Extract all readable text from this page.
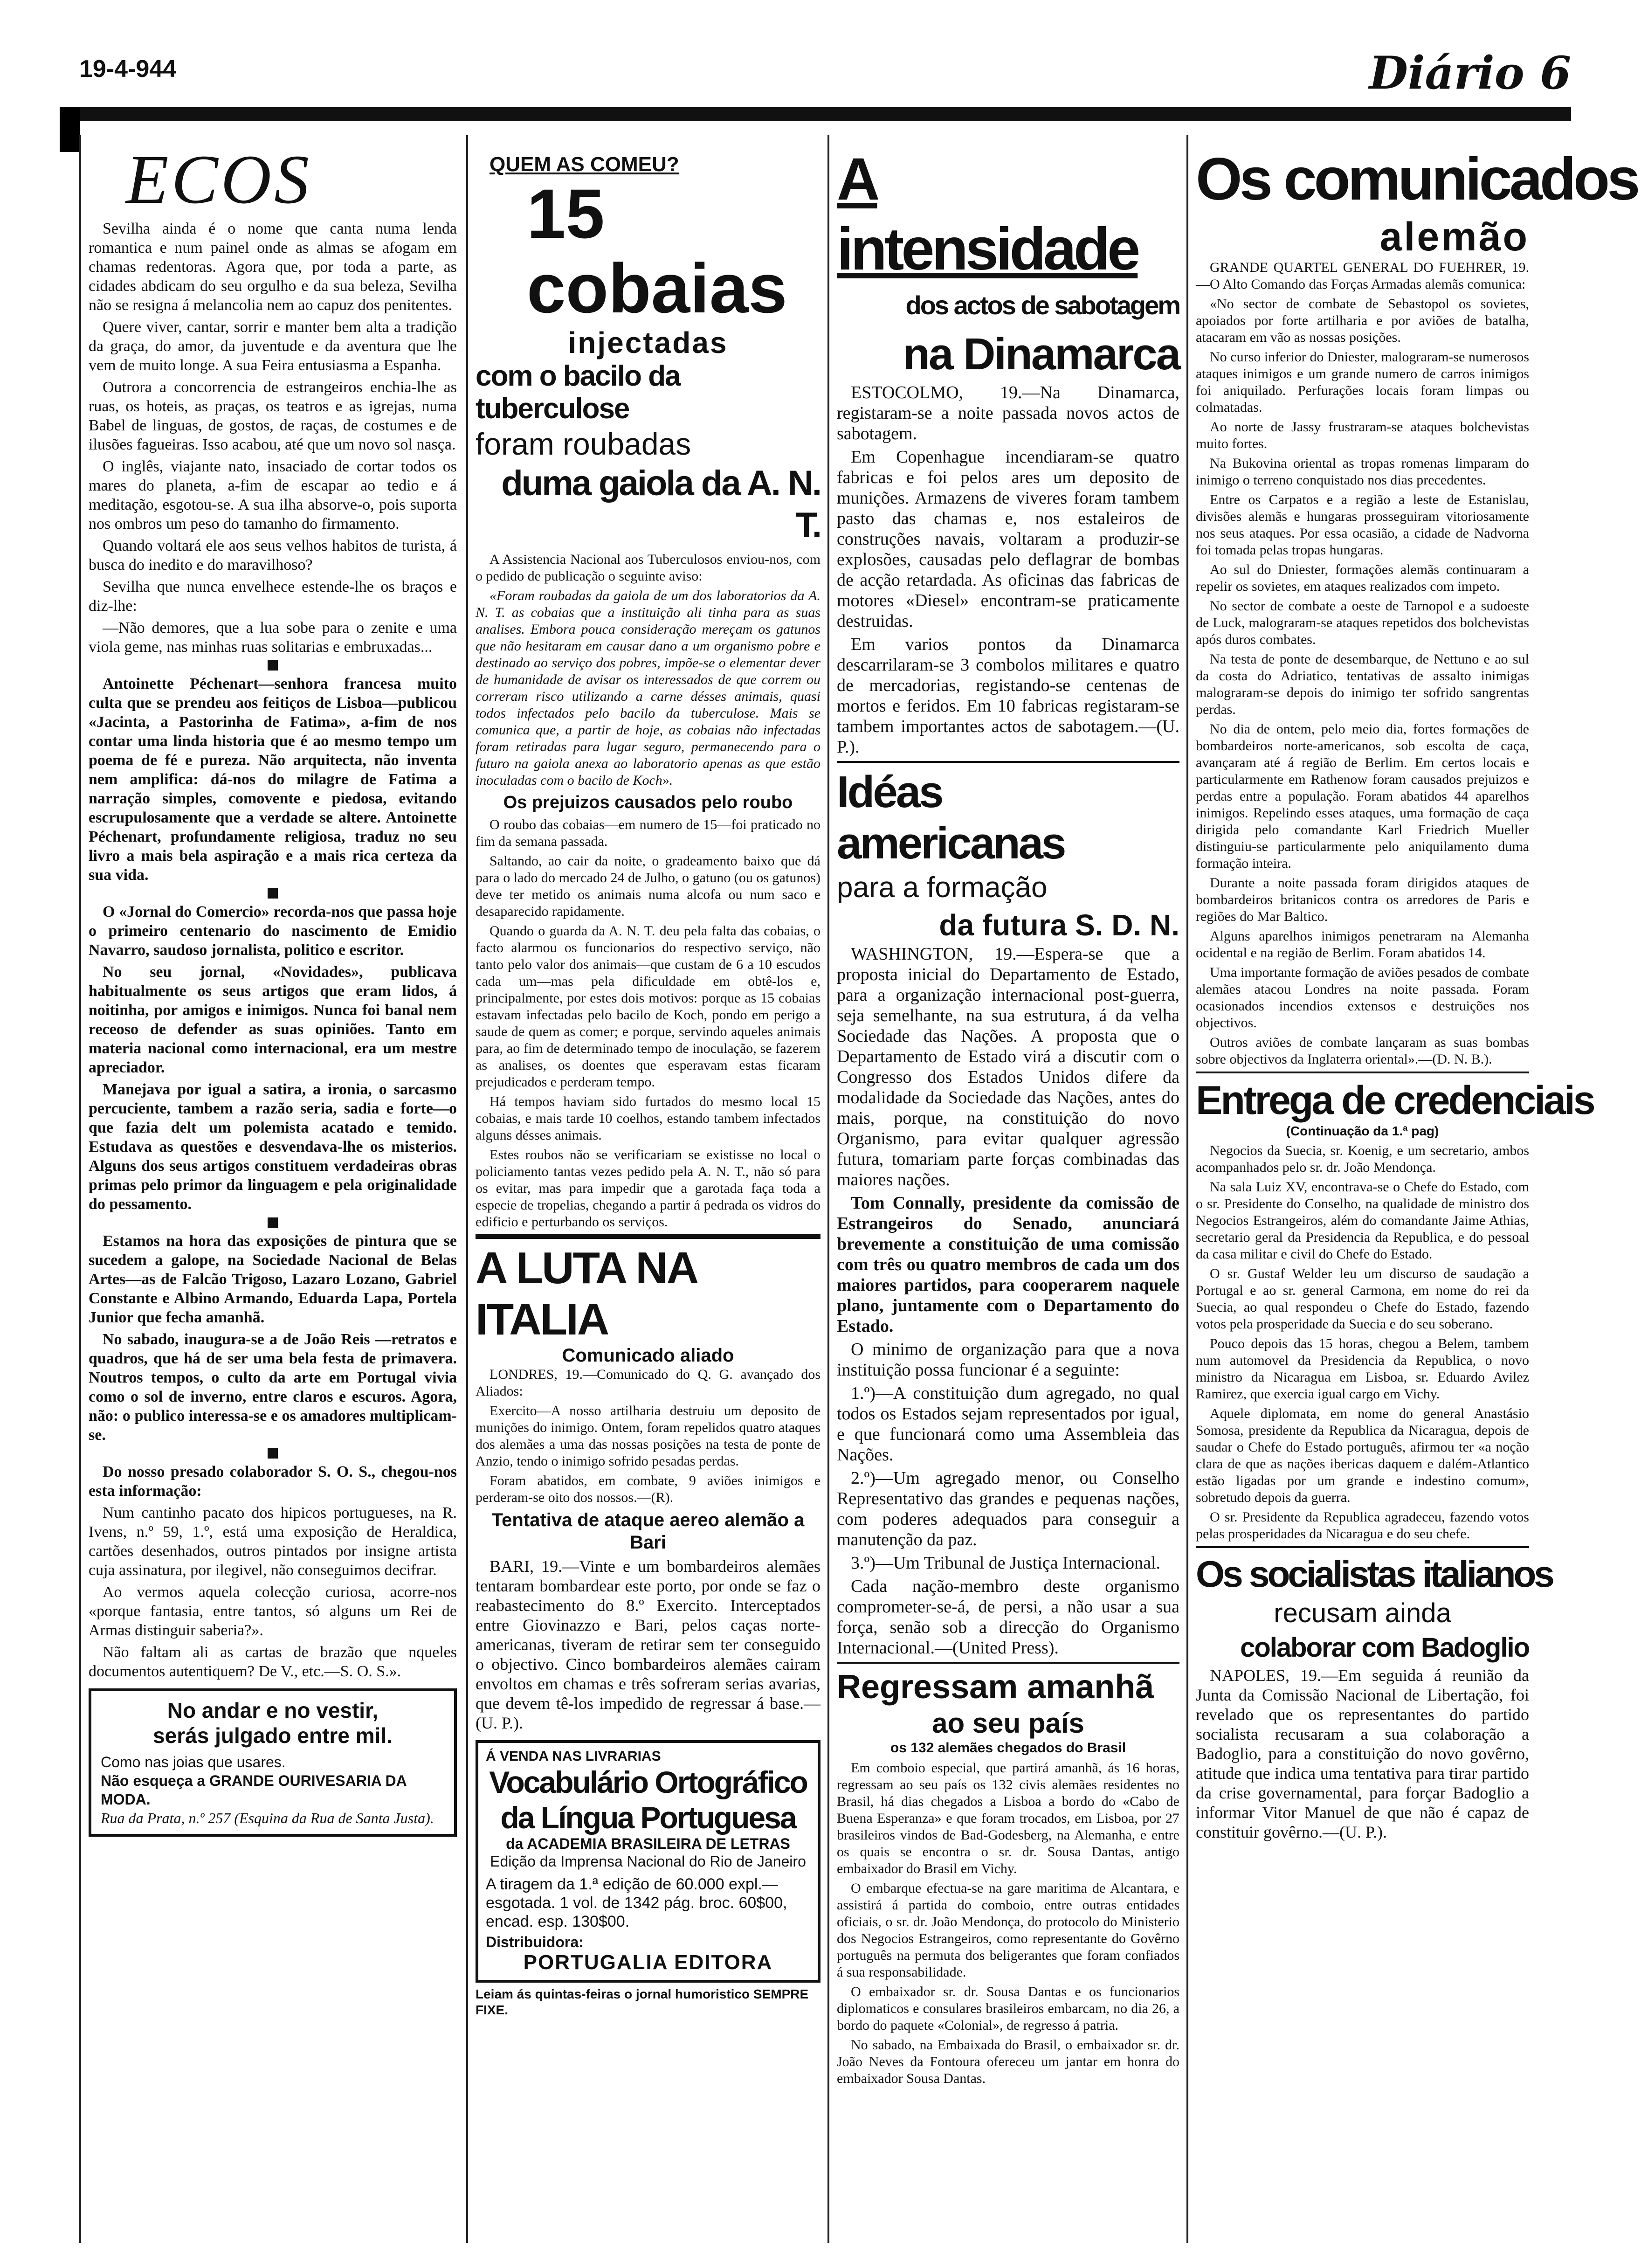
19-4-944	Diário 6
ECOS

Sevilha ainda é o nome que canta numa lenda romantica e num painel onde as almas se afogam em chamas redentoras. Agora que, por toda a parte, as cidades abdicam do seu orgulho e da sua beleza, Sevilha não se resigna á melancolia nem ao capuz dos penitentes.

Quere viver, cantar, sorrir e manter bem alta a tradição da graça, do amor, da juventude e da aventura que lhe vem de muito longe. A sua Feira entusiasma a Espanha.

Outrora a concorrencia de estrangeiros enchia-lhe as ruas, os hoteis, as praças, os teatros e as igrejas, numa Babel de linguas, de gostos, de raças, de costumes e de ilusões fagueiras. Isso acabou, até que um novo sol nasça.

O inglês, viajante nato, insaciado de cortar todos os mares do planeta, a-fim de escapar ao tedio e á meditação, esgotou-se. A sua ilha absorve-o, pois suporta nos ombros um peso do tamanho do firmamento.

Quando voltará ele aos seus velhos habitos de turista, á busca do inedito e do maravilhoso?

Sevilha que nunca envelhece estende-lhe os braços e diz-lhe:

—Não demores, que a lua sobe para o zenite e uma viola geme, nas minhas ruas solitarias e embruxadas...

Antoinette Péchenart—senhora francesa muito culta que se prendeu aos feitiços de Lisboa—publicou «Jacinta, a Pastorinha de Fatima», a-fim de nos contar uma linda historia que é ao mesmo tempo um poema de fé e pureza. Não arquitecta, não inventa nem amplifica: dá-nos do milagre de Fatima a narração simples, comovente e piedosa, evitando escrupulosamente que a verdade se altere. Antoinette Péchenart, profundamente religiosa, traduz no seu livro a mais bela aspiração e a mais rica certeza da sua vida.

O «Jornal do Comercio» recorda-nos que passa hoje o primeiro centenario do nascimento de Emidio Navarro, saudoso jornalista, politico e escritor.

No seu jornal, «Novidades», publicava habitualmente os seus artigos que eram lidos, á noitinha, por amigos e inimigos. Nunca foi banal nem receoso de defender as suas opiniões. Tanto em materia nacional como internacional, era um mestre apreciador.

Manejava por igual a satira, a ironia, o sarcasmo percuciente, tambem a razão seria, sadia e forte—o que fazia delt um polemista acatado e temido. Estudava as questões e desvendava-lhe os misterios. Alguns dos seus artigos constituem verdadeiras obras primas pelo primor da linguagem e pela originalidade do pessamento.

Estamos na hora das exposições de pintura que se sucedem a galope, na Sociedade Nacional de Belas Artes—as de Falcão Trigoso, Lazaro Lozano, Gabriel Constante e Albino Armando, Eduarda Lapa, Portela Junior que fecha amanhã.

No sabado, inaugura-se a de João Reis —retratos e quadros, que há de ser uma bela festa de primavera. Noutros tempos, o culto da arte em Portugal vivia como o sol de inverno, entre claros e escuros. Agora, não: o publico interessa-se e os amadores multiplicam-se.

Do nosso presado colaborador S. O. S., chegou-nos esta informação:

Num cantinho pacato dos hipicos portugueses, na R. Ivens, n.º 59, 1.º, está uma exposição de Heraldica, cartões desenhados, outros pintados por insigne artista cuja assinatura, por ilegivel, não conseguimos decifrar.

Ao vermos aquela colecção curiosa, acorre-nos «porque fantasia, entre tantos, só alguns um Rei de Armas distinguir saberia?».

Não faltam ali as cartas de brazão que nqueles documentos autentiquem? De V., etc.—S. O. S.».

No andar e no vestir,
serás julgado entre mil.
Como nas joias que usares.
Não esqueça a GRANDE OURIVESARIA DA MODA.
Rua da Prata, n.º 257 (Esquina da Rua de Santa Justa).
QUEM AS COMEU?
15 cobaias
injectadas
com o bacilo da tuberculose
foram roubadas
duma gaiola da A. N. T.

A Assistencia Nacional aos Tuberculosos enviou-nos, com o pedido de publicação o seguinte aviso:

«Foram roubadas da gaiola de um dos laboratorios da A. N. T. as cobaias que a instituição ali tinha para as suas analises. Embora pouca consideração mereçam os gatunos que não hesitaram em causar dano a um organismo pobre e destinado ao serviço dos pobres, impõe-se o elementar dever de humanidade de avisar os interessados de que correm ou correram risco utilizando a carne désses animais, quasi todos infectados pelo bacilo da tuberculose. Mais se comunica que, a partir de hoje, as cobaias não infectadas foram retiradas para lugar seguro, permanecendo para o futuro na gaiola anexa ao laboratorio apenas as que estão inoculadas com o bacilo de Koch».

Os prejuizos causados pelo roubo

O roubo das cobaias—em numero de 15—foi praticado no fim da semana passada.

Saltando, ao cair da noite, o gradeamento baixo que dá para o lado do mercado 24 de Julho, o gatuno (ou os gatunos) deve ter metido os animais numa alcofa ou num saco e desaparecido rapidamente.

Quando o guarda da A. N. T. deu pela falta das cobaias, o facto alarmou os funcionarios do respectivo serviço, não tanto pelo valor dos animais—que custam de 6 a 10 escudos cada um—mas pela dificuldade em obtê-los e, principalmente, por estes dois motivos: porque as 15 cobaias estavam infectadas pelo bacilo de Koch, pondo em perigo a saude de quem as comer; e porque, servindo aqueles animais para, ao fim de determinado tempo de inoculação, se fazerem as analises, os doentes que esperavam estas ficaram prejudicados e perderam tempo.

Há tempos haviam sido furtados do mesmo local 15 cobaias, e mais tarde 10 coelhos, estando tambem infectados alguns désses animais.

Estes roubos não se verificariam se existisse no local o policiamento tantas vezes pedido pela A. N. T., não só para os evitar, mas para impedir que a garotada faça toda a especie de tropelias, chegando a partir á pedrada os vidros do edificio e perturbando os serviços.

A LUTA NA ITALIA
Comunicado aliado

LONDRES, 19.—Comunicado do Q. G. avançado dos Aliados:

Exercito—A nosso artilharia destruiu um deposito de munições do inimigo. Ontem, foram repelidos quatro ataques dos alemães a uma das nossas posições na testa de ponte de Anzio, tendo o inimigo sofrido pesadas perdas.

Foram abatidos, em combate, 9 aviões inimigos e perderam-se oito dos nossos.—(R).

Tentativa de ataque aereo alemão a Bari

BARI, 19.—Vinte e um bombardeiros alemães tentaram bombardear este porto, por onde se faz o reabastecimento do 8.º Exercito. Interceptados entre Giovinazzo e Bari, pelos caças norte-americanas, tiveram de retirar sem ter conseguido o objectivo. Cinco bombardeiros alemães cairam envoltos em chamas e três sofreram serias avarias, que devem tê-los impedido de regressar á base.—(U. P.).

Á VENDA NAS LIVRARIAS
Vocabulário Ortográfico
da Língua Portuguesa
da ACADEMIA BRASILEIRA DE LETRAS
Edição da Imprensa Nacional do Rio de Janeiro
A tiragem da 1.ª edição de 60.000 expl.— esgotada. 1 vol. de 1342 pág. broc. 60$00, encad. esp. 130$00.
Distribuidora:
PORTUGALIA EDITORA
Leiam ás quintas-feiras o jornal humoristico SEMPRE FIXE.
A intensidade
dos actos de sabotagem
na Dinamarca

ESTOCOLMO, 19.—Na Dinamarca, registaram-se a noite passada novos actos de sabotagem.

Em Copenhague incendiaram-se quatro fabricas e foi pelos ares um deposito de munições. Armazens de viveres foram tambem pasto das chamas e, nos estaleiros de construções navais, voltaram a produzir-se explosões, causadas pelo deflagrar de bombas de acção retardada. As oficinas das fabricas de motores «Diesel» encontram-se praticamente destruidas.

Em varios pontos da Dinamarca descarrilaram-se 3 combolos militares e quatro de mercadorias, registando-se centenas de mortos e feridos. Em 10 fabricas registaram-se tambem importantes actos de sabotagem.—(U. P.).

Idéas americanas
para a formação
da futura S. D. N.

WASHINGTON, 19.—Espera-se que a proposta inicial do Departamento de Estado, para a organização internacional post-guerra, seja semelhante, na sua estrutura, á da velha Sociedade das Nações. A proposta que o Departamento de Estado virá a discutir com o Congresso dos Estados Unidos difere da modalidade da Sociedade das Nações, antes do mais, porque, na constituição do novo Organismo, para evitar qualquer agressão futura, tomariam parte forças combinadas das maiores nações.

Tom Connally, presidente da comissão de Estrangeiros do Senado, anunciará brevemente a constituição de uma comissão com três ou quatro membros de cada um dos maiores partidos, para cooperarem naquele plano, juntamente com o Departamento do Estado.

O minimo de organização para que a nova instituição possa funcionar é a seguinte:

1.º)—A constituição dum agregado, no qual todos os Estados sejam representados por igual, e que funcionará como uma Assembleia das Nações.

2.º)—Um agregado menor, ou Conselho Representativo das grandes e pequenas nações, com poderes adequados para conseguir a manutenção da paz.

3.º)—Um Tribunal de Justiça Internacional.

Cada nação-membro deste organismo comprometer-se-á, de persi, a não usar a sua força, senão sob a direcção do Organismo Internacional.—(United Press).

Regressam amanhã
ao seu país
os 132 alemães chegados do Brasil

Em comboio especial, que partirá amanhã, ás 16 horas, regressam ao seu país os 132 civis alemães residentes no Brasil, há dias chegados a Lisboa a bordo do «Cabo de Buena Esperanza» e que foram trocados, em Lisboa, por 27 brasileiros vindos de Bad-Godesberg, na Alemanha, e entre os quais se encontra o sr. dr. Sousa Dantas, antigo embaixador do Brasil em Vichy.

O embarque efectua-se na gare maritima de Alcantara, e assistirá á partida do comboio, entre outras entidades oficiais, o sr. dr. João Mendonça, do protocolo do Ministerio dos Negocios Estrangeiros, como representante do Govêrno português na permuta dos beligerantes que foram confiados á sua responsabilidade.

O embaixador sr. dr. Sousa Dantas e os funcionarios diplomaticos e consulares brasileiros embarcam, no dia 26, a bordo do paquete «Colonial», de regresso á patria.

No sabado, na Embaixada do Brasil, o embaixador sr. dr. João Neves da Fontoura ofereceu um jantar em honra do embaixador Sousa Dantas.

Os comunicados
alemão

GRANDE QUARTEL GENERAL DO FUEHRER, 19.—O Alto Comando das Forças Armadas alemãs comunica:

«No sector de combate de Sebastopol os sovietes, apoiados por forte artilharia e por aviões de batalha, atacaram em vão as nossas posições.

No curso inferior do Dniester, malograram-se numerosos ataques inimigos e um grande numero de carros inimigos foi aniquilado. Perfurações locais foram limpas ou colmatadas.

Ao norte de Jassy frustraram-se ataques bolchevistas muito fortes.

Na Bukovina oriental as tropas romenas limparam do inimigo o terreno conquistado nos dias precedentes.

Entre os Carpatos e a região a leste de Estanislau, divisões alemãs e hungaras prosseguiram vitoriosamente nos seus ataques. Por essa ocasião, a cidade de Nadvorna foi tomada pelas tropas hungaras.

Ao sul do Dniester, formações alemãs continuaram a repelir os sovietes, em ataques realizados com impeto.

No sector de combate a oeste de Tarnopol e a sudoeste de Luck, malograram-se ataques repetidos dos bolchevistas após duros combates.

Na testa de ponte de desembarque, de Nettuno e ao sul da costa do Adriatico, tentativas de assalto inimigas malograram-se depois do inimigo ter sofrido sangrentas perdas.

No dia de ontem, pelo meio dia, fortes formações de bombardeiros norte-americanos, sob escolta de caça, avançaram até á região de Berlim. Em certos locais e particularmente em Rathenow foram causados prejuizos e perdas entre a população. Foram abatidos 44 aparelhos inimigos. Repelindo esses ataques, uma formação de caça dirigida pelo comandante Karl Friedrich Mueller distinguiu-se particularmente pelo aniquilamento duma formação inteira.

Durante a noite passada foram dirigidos ataques de bombardeiros britanicos contra os arredores de Paris e regiões do Mar Baltico.

Alguns aparelhos inimigos penetraram na Alemanha ocidental e na região de Berlim. Foram abatidos 14.

Uma importante formação de aviões pesados de combate alemães atacou Londres na noite passada. Foram ocasionados incendios extensos e destruições nos objectivos.

Outros aviões de combate lançaram as suas bombas sobre objectivos da Inglaterra oriental».—(D. N. B.).

Entrega de credenciais
(Continuação da 1.ª pag)

Negocios da Suecia, sr. Koenig, e um secretario, ambos acompanhados pelo sr. dr. João Mendonça.

Na sala Luiz XV, encontrava-se o Chefe do Estado, com o sr. Presidente do Conselho, na qualidade de ministro dos Negocios Estrangeiros, além do comandante Jaime Athias, secretario geral da Presidencia da Republica, e do pessoal da casa militar e civil do Chefe do Estado.

O sr. Gustaf Welder leu um discurso de saudação a Portugal e ao sr. general Carmona, em nome do rei da Suecia, ao qual respondeu o Chefe do Estado, fazendo votos pela prosperidade da Suecia e do seu soberano.

Pouco depois das 15 horas, chegou a Belem, tambem num automovel da Presidencia da Republica, o novo ministro da Nicaragua em Lisboa, sr. Eduardo Avilez Ramirez, que exercia igual cargo em Vichy.

Aquele diplomata, em nome do general Anastásio Somosa, presidente da Republica da Nicaragua, depois de saudar o Chefe do Estado português, afirmou ter «a noção clara de que as nações ibericas daquem e dalém-Atlantico estão ligadas por um grande e indestino comum», sobretudo depois da guerra.

O sr. Presidente da Republica agradeceu, fazendo votos pelas prosperidades da Nicaragua e do seu chefe.

Os socialistas italianos
recusam ainda
colaborar com Badoglio

NAPOLES, 19.—Em seguida á reunião da Junta da Comissão Nacional de Libertação, foi revelado que os representantes do partido socialista recusaram a sua colaboração a Badoglio, para a constituição do novo govêrno, atitude que indica uma tentativa para tirar partido da crise governamental, para forçar Badoglio a informar Vitor Manuel de que não é capaz de constituir govêrno.—(U. P.).
